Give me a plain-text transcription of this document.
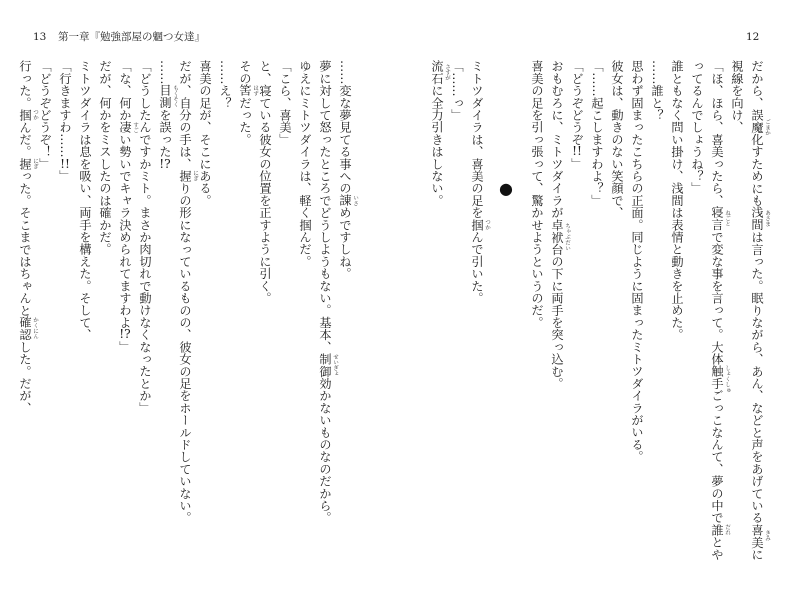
13 第一章『勉強部屋の魍つ女達』	12

だから、誤魔化 ごまか
すためにも浅間 あさま
は言った。眠りながら、あん、などと声をあげている喜美 きみ
に

視線を向け、

「ほ、ほら、喜美ったら、寝言 ねごと
で変な事を言って。大体触手 しょくしゅ
ごっこなんて、夢の中で誰 だれ
とや

ってるんでしょうね？」

誰ともなく問い掛け、浅間は表情と動きを止めた。

……誰と？

思わず固まったこちらの正面。同じように固まったミトツダイラがいる。

彼女は、動きのない笑顔で、

「……起こしますわよ？」

「どうぞどうぞ!!」

おもむろに、ミトツダイラが卓袱台 ちゃぶだい
の下に両手を突っ込む。

喜美の足を引っ張って、驚かせようというのだ。

ミトツダイラは、喜美の足を掴 つか
んで引いた。

「……っ」

流石 さすが
に全力引きはしない。	●

……変な夢見てる事への諌 いさ
めですしね。

夢に対して怒ったところでどうしようもない。基本、制御 せいぎょ
効かないものなのだから。

ゆえにミトツダイラは、軽く掴んだ。

「こら、喜美」

と、寝ている彼女の位置を正すように引く。

その筈 はず
だった。

……え？

喜美の足が、そこにある。

だが、自分の手は、握 にぎ
りの形になっているものの、彼女の足をホールドしていない。

……目測 もくそく
を誤った!?

「どうしたんですかミト。まさか肉切れで動けなくなったとか」

「な、何か凄 すご
い勢いでキャラ決められてますわよ!?」

だが、何かをミスしたのは確かだ。

ミトツダイラは息を吸い、両手を構えた。そして、

「行きますわ……!!」

「どうぞどうぞ！」

行った。掴 つか
んだ。握 にぎ
った。そこまではちゃんと確認 かくにん
した。だが、
